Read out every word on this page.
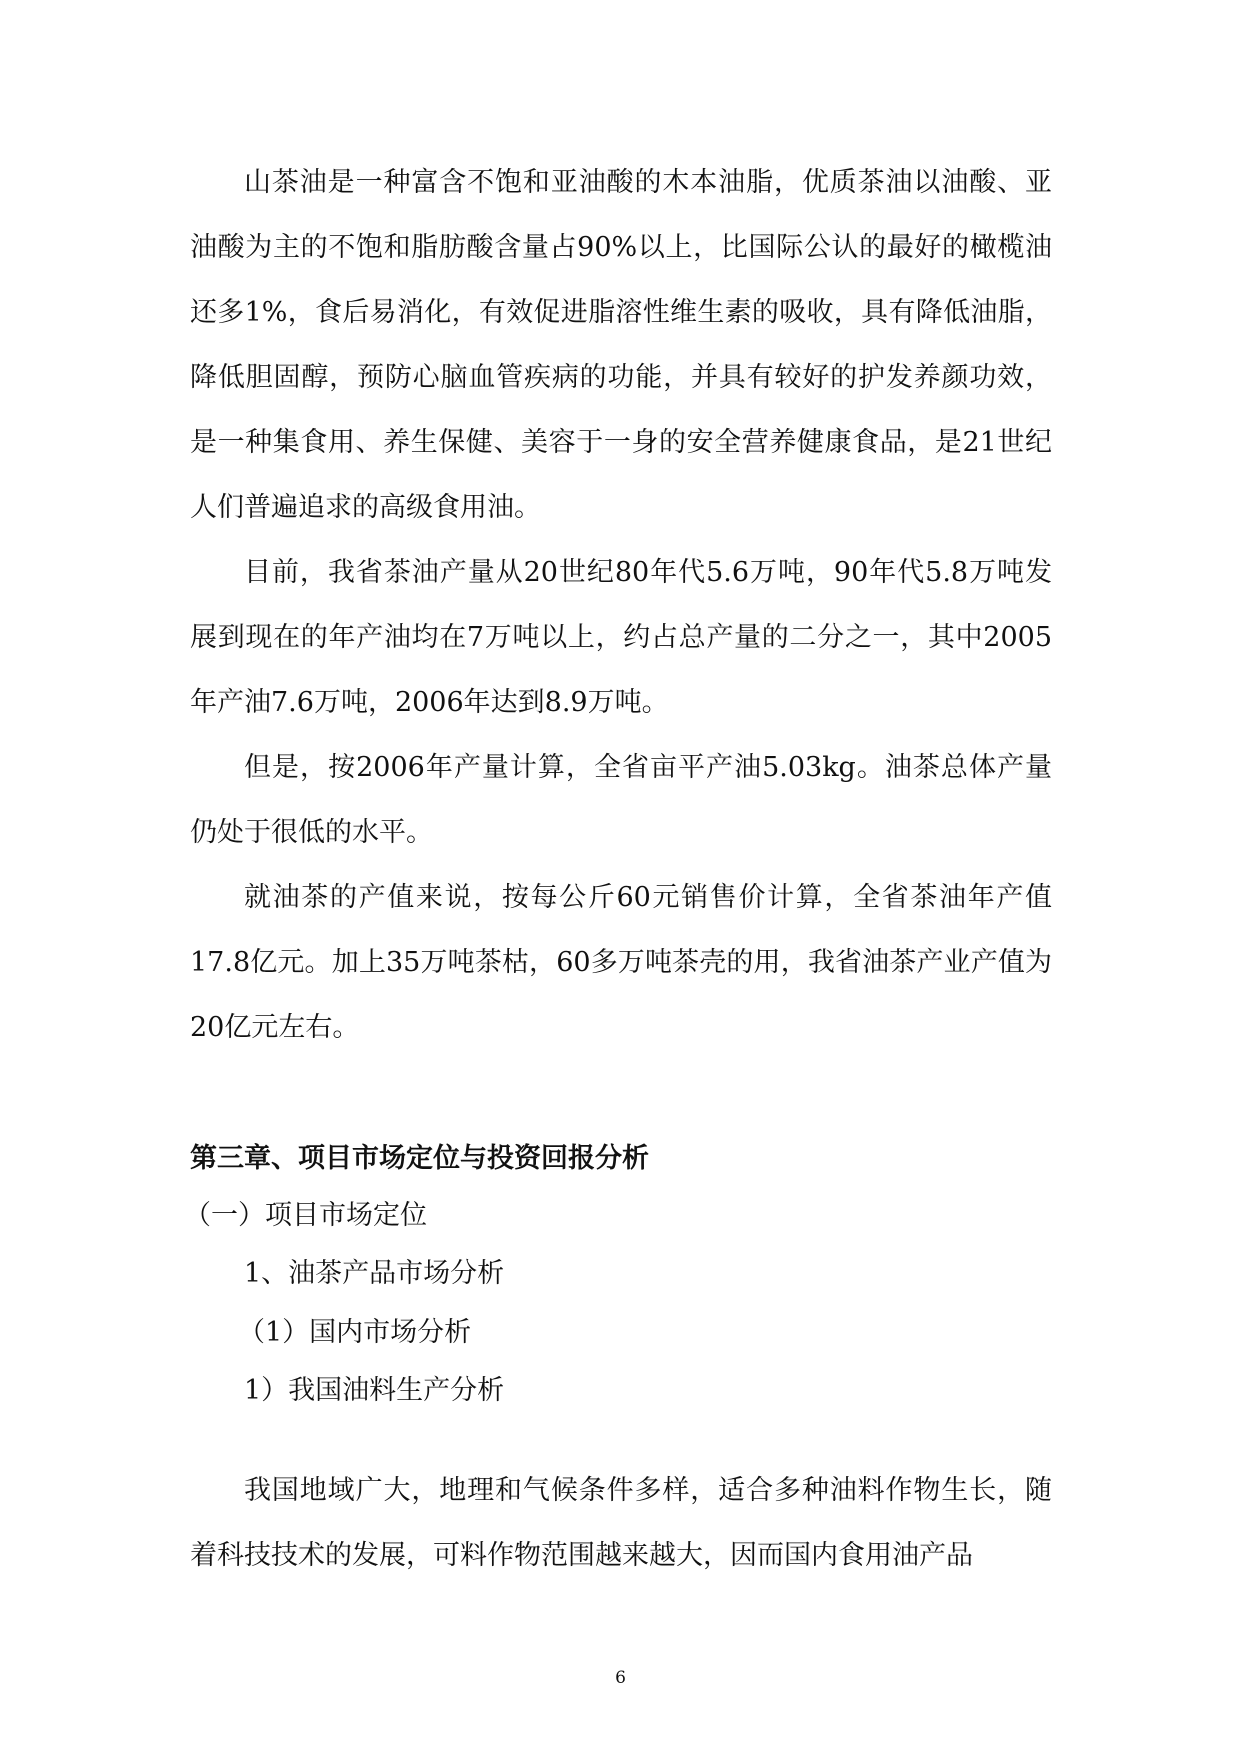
山茶油是一种富含不饱和亚油酸的木本油脂，优质茶油以油酸、亚油酸为主的不饱和脂肪酸含量占90%以上，比国际公认的最好的橄榄油还多1%，食后易消化，有效促进脂溶性维生素的吸收，具有降低油脂，降低胆固醇，预防心脑血管疾病的功能，并具有较好的护发养颜功效，是一种集食用、养生保健、美容于一身的安全营养健康食品，是21世纪人们普遍追求的高级食用油。

目前，我省茶油产量从20世纪80年代5.6万吨，90年代5.8万吨发展到现在的年产油均在7万吨以上，约占总产量的二分之一，其中2005年产油7.6万吨，2006年达到8.9万吨。

但是，按2006年产量计算，全省亩平产油5.03kg。油茶总体产量仍处于很低的水平。

就油茶的产值来说，按每公斤60元销售价计算，全省茶油年产值17.8亿元。加上35万吨茶枯，60多万吨茶壳的用，我省油茶产业产值为20亿元左右。

第三章、项目市场定位与投资回报分析

（一）项目市场定位

1、油茶产品市场分析

（1）国内市场分析

1）我国油料生产分析

我国地域广大，地理和气候条件多样，适合多种油料作物生长，随着科技技术的发展，可料作物范围越来越大，因而国内食用油产品

6
